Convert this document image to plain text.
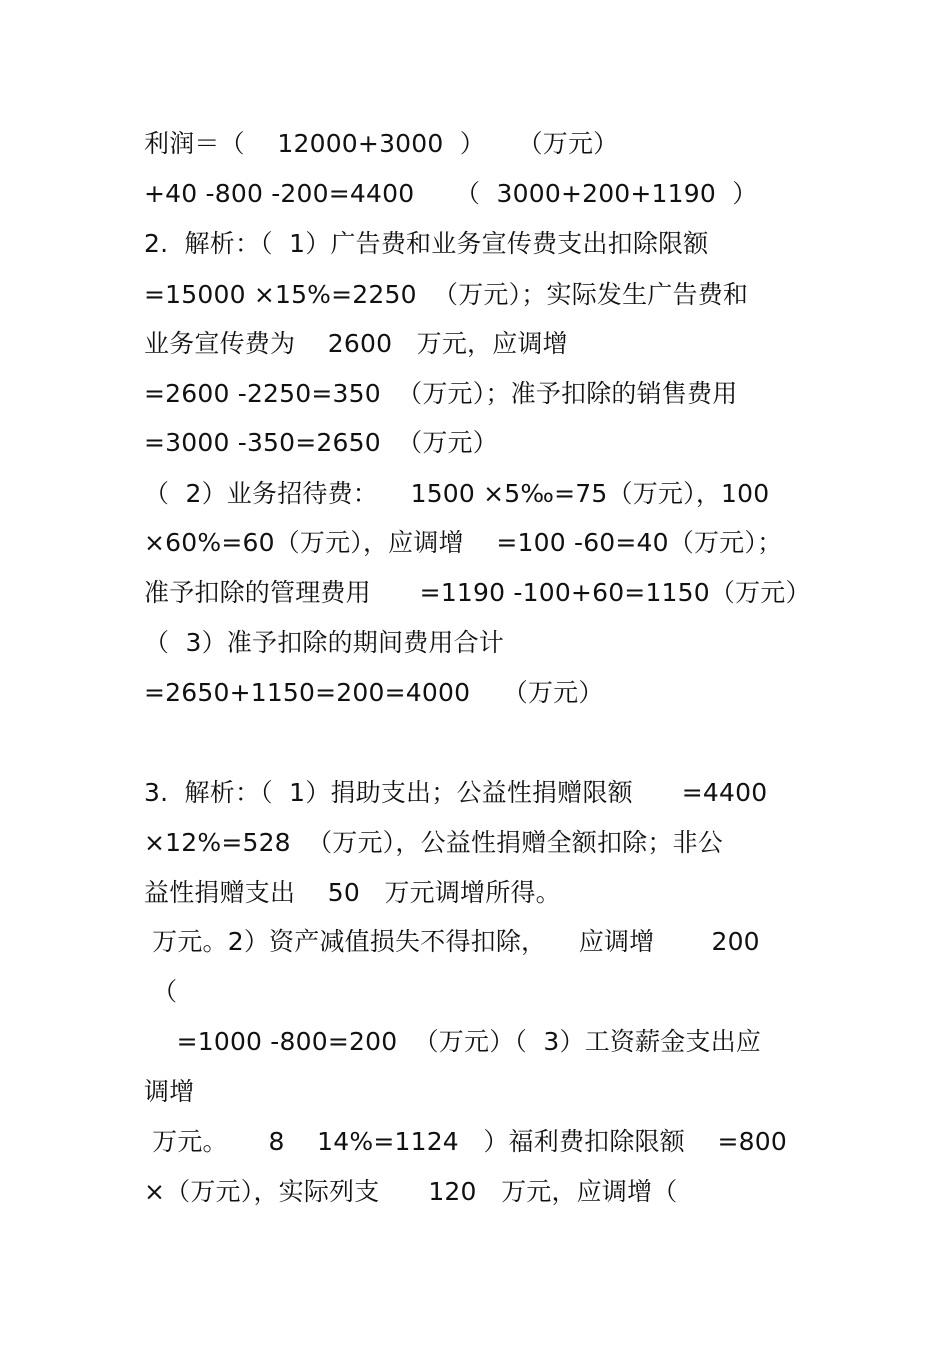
利润＝（    12000+3000  ）    （万元）
+40 -800 -200=4400     （  3000+200+1190  ）
2.  解析：（  1）广告费和业务宣传费支出扣除限额
=15000 ×15%=2250  （万元）；实际发生广告费和
业务宣传费为    2600   万元，应调增
=2600 -2250=350  （万元）；准予扣除的销售费用
=3000 -350=2650  （万元）
（  2）业务招待费：    1500 ×5‰=75（万元），100
×60%=60（万元），应调增    =100 -60=40（万元）；
准予扣除的管理费用      =1190 -100+60=1150（万元）
（  3）准予扣除的期间费用合计
=2650+1150=200=4000    （万元）
3.  解析：（  1）捐助支出；公益性捐赠限额      =4400
×12%=528  （万元），公益性捐赠全额扣除；非公
益性捐赠支出    50   万元调增所得。
万元。2）资产减值损失不得扣除，    应调增       200
（
=1000 -800=200  （万元）（  3）工资薪金支出应
调增
万元。     8    14%=1124   ）福利费扣除限额    =800
×（万元），实际列支      120   万元，应调增（
